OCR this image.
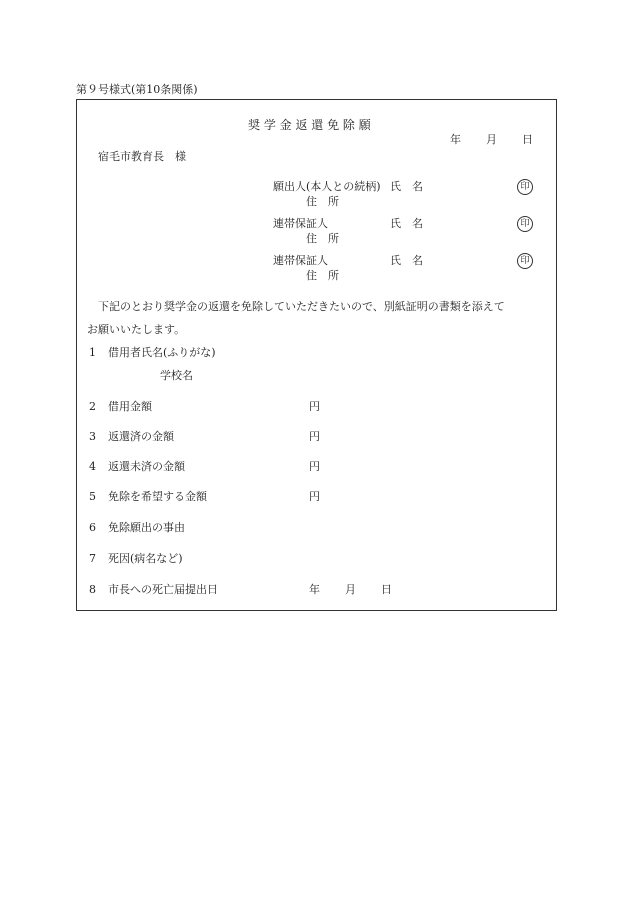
第９号様式(第10条関係)
奨 学 金 返 還 免 除 願
年 月 日
宿毛市教育長　様
願出人(本人との続柄) 氏　名	印
住　所
連帯保証人	氏　名	印
住　所
連帯保証人	氏　名	印
住　所
下記のとおり奨学金の返還を免除していただきたいので、別紙証明の書類を添えて
お願いいたします。
1 借用者氏名(ふりがな)
学校名
2 借用金額	円
3 返還済の金額	円
4 返還未済の金額	円
5 免除を希望する金額	円
6 免除願出の事由
7 死因(病名など)
8 市長への死亡届提出日	年 月 日
